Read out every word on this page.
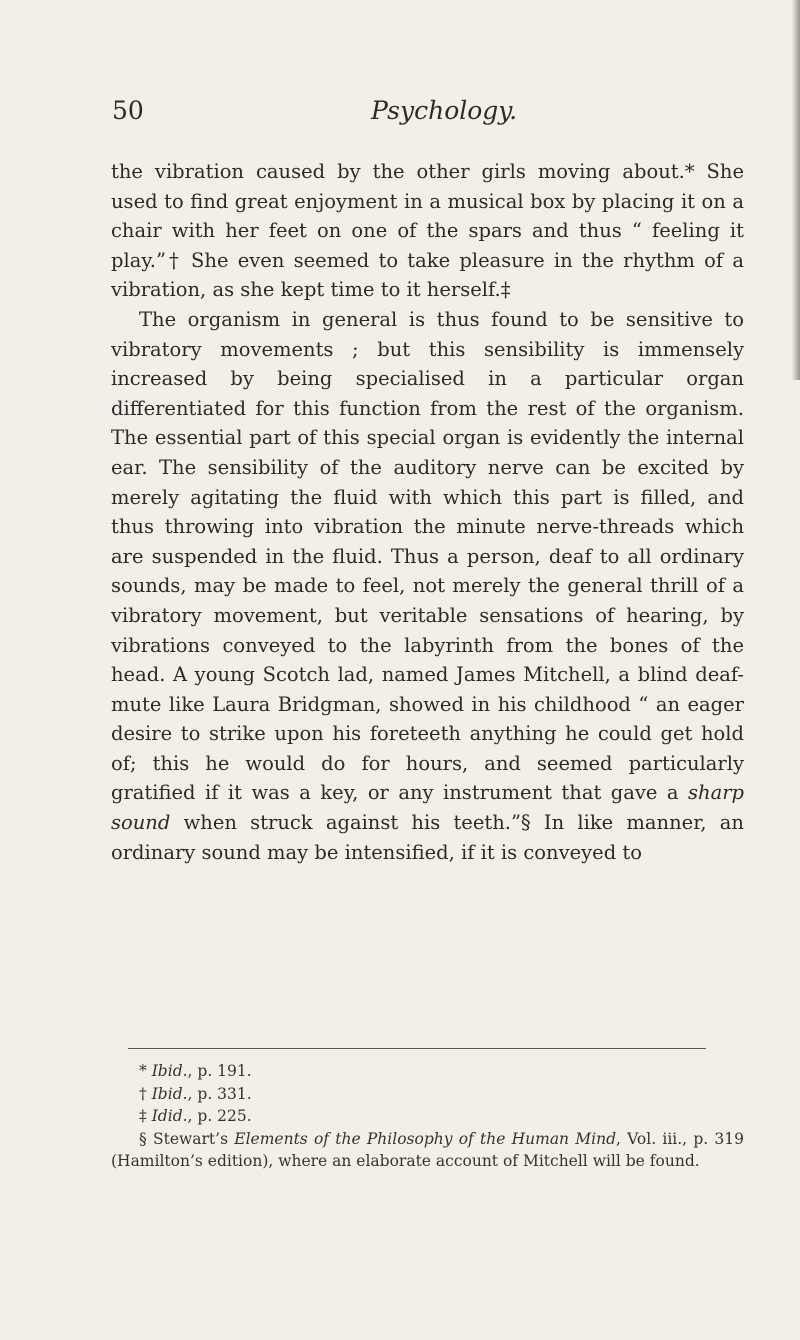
50	Psychology.

the vibration caused by the other girls moving about.* She used to find great enjoyment in a musical box by placing it on a chair with her feet on one of the spars and thus “ feeling it play.”† She even seemed to take pleasure in the rhythm of a vibration, as she kept time to it herself.‡

The organism in general is thus found to be sensitive to vibratory movements ; but this sensibility is immensely increased by being specialised in a particular organ differentiated for this function from the rest of the organism. The essential part of this special organ is evidently the internal ear. The sensibility of the auditory nerve can be excited by merely agitating the fluid with which this part is filled, and thus throwing into vibration the minute nerve-threads which are suspended in the fluid. Thus a person, deaf to all ordinary sounds, may be made to feel, not merely the general thrill of a vibratory movement, but veritable sensations of hearing, by vibrations conveyed to the labyrinth from the bones of the head. A young Scotch lad, named James Mitchell, a blind deaf-mute like Laura Bridgman, showed in his childhood “ an eager desire to strike upon his foreteeth anything he could get hold of; this he would do for hours, and seemed particularly gratified if it was a key, or any instrument that gave a sharp sound when struck against his teeth.”§ In like manner, an ordinary sound may be intensified, if it is conveyed to

* Ibid., p. 191.

† Ibid., p. 331.

‡ Idid., p. 225.

§ Stewart’s Elements of the Philosophy of the Human Mind, Vol. iii., p. 319 (Hamilton’s edition), where an elaborate account of Mitchell will be found.
